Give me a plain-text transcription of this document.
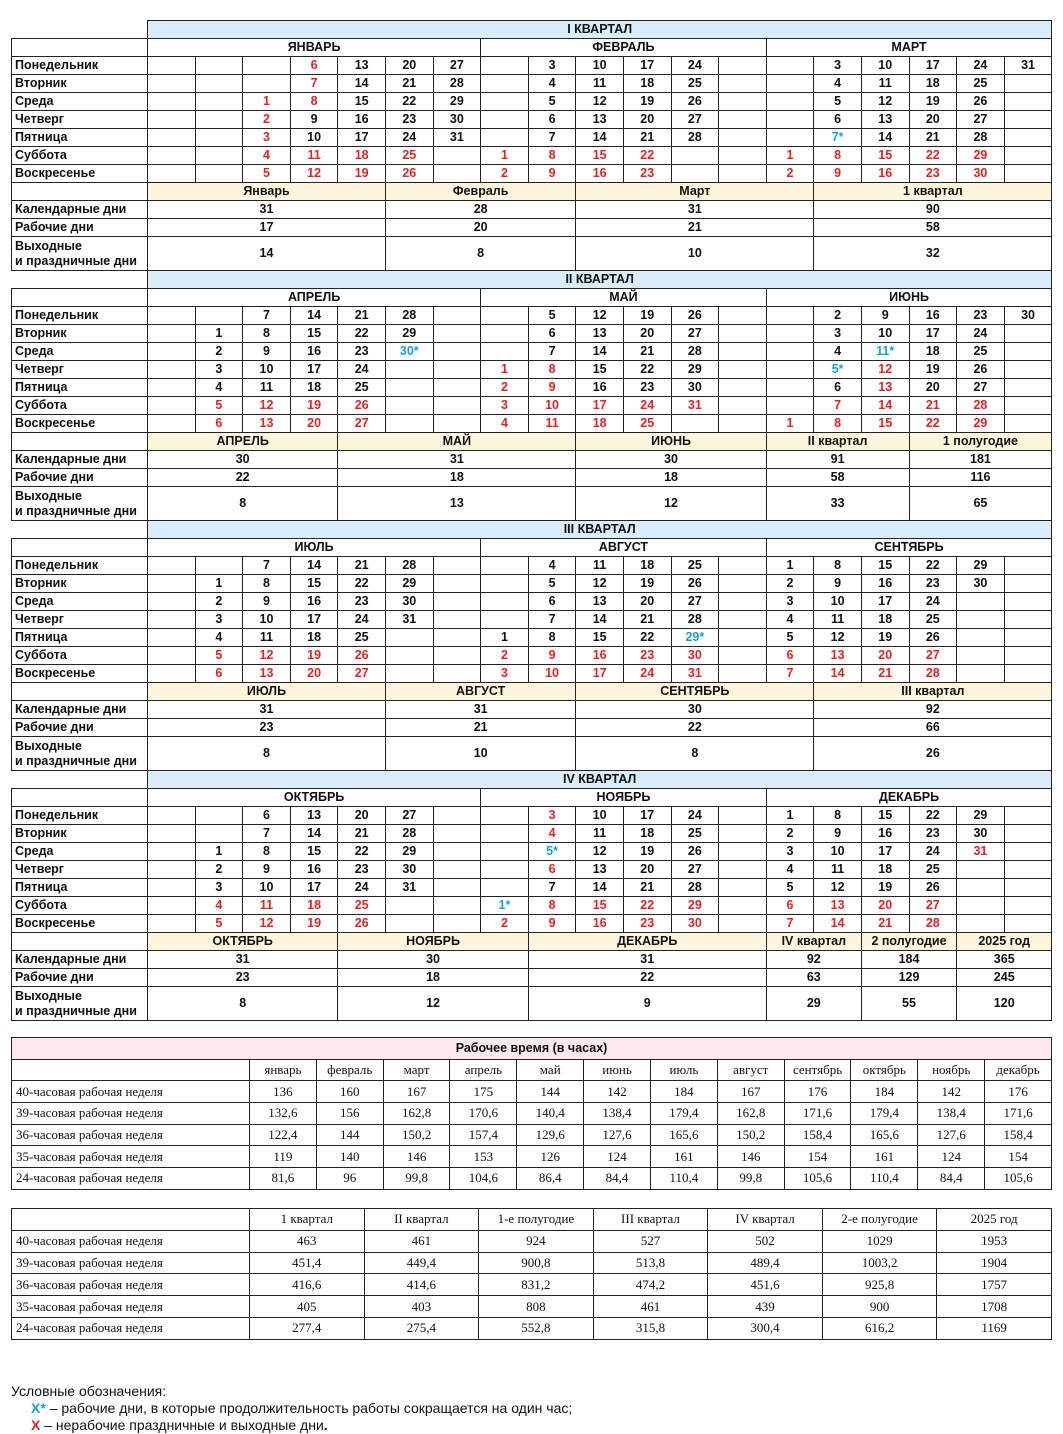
	I КВАРТАЛ																		
	ЯНВАРЬ							ФЕВРАЛЬ						МАРТ					
Понедельник				6	13	20	27		3	10	17	24			3	10	17	24	31
Вторник				7	14	21	28		4	11	18	25			4	11	18	25	
Среда			1	8	15	22	29		5	12	19	26			5	12	19	26	
Четверг			2	9	16	23	30		6	13	20	27			6	13	20	27	
Пятница			3	10	17	24	31		7	14	21	28			7*	14	21	28	
Суббота			4	11	18	25		1	8	15	22			1	8	15	22	29	
Воскресенье			5	12	19	26		2	9	16	23			2	9	16	23	30	
	Январь					Февраль				Март					1 квартал				
Календарные дни	31					28				31					90				
Рабочие дни	17					20				21					58				

Выходные
и праздничные дни	14					8				10					32				
	II КВАРТАЛ																		
	АПРЕЛЬ							МАЙ						ИЮНЬ					
Понедельник			7	14	21	28			5	12	19	26			2	9	16	23	30
Вторник		1	8	15	22	29			6	13	20	27			3	10	17	24	
Среда		2	9	16	23	30*			7	14	21	28			4	11*	18	25	
Четверг		3	10	17	24			1	8	15	22	29			5*	12	19	26	
Пятница		4	11	18	25			2	9	16	23	30			6	13	20	27	
Суббота		5	12	19	26			3	10	17	24	31			7	14	21	28	
Воскресенье		6	13	20	27			4	11	18	25			1	8	15	22	29	
	АПРЕЛЬ				МАЙ					ИЮНЬ				II квартал			1 полугодие		
Календарные дни	30				31					30				91			181		
Рабочие дни	22				18					18				58			116		

Выходные
и праздничные дни	8				13					12				33			65		
	III КВАРТАЛ																		
	ИЮЛЬ							АВГУСТ						СЕНТЯБРЬ					
Понедельник			7	14	21	28			4	11	18	25		1	8	15	22	29	
Вторник		1	8	15	22	29			5	12	19	26		2	9	16	23	30	
Среда		2	9	16	23	30			6	13	20	27		3	10	17	24		
Четверг		3	10	17	24	31			7	14	21	28		4	11	18	25		
Пятница		4	11	18	25			1	8	15	22	29*		5	12	19	26		
Суббота		5	12	19	26			2	9	16	23	30		6	13	20	27		
Воскресенье		6	13	20	27			3	10	17	24	31		7	14	21	28		
	ИЮЛЬ					АВГУСТ				СЕНТЯБРЬ					III квартал				
Календарные дни	31					31				30					92				
Рабочие дни	23					21				22					66				

Выходные
и праздничные дни	8					10				8					26				
	IV КВАРТАЛ																		
	ОКТЯБРЬ							НОЯБРЬ						ДЕКАБРЬ					
Понедельник			6	13	20	27			3	10	17	24		1	8	15	22	29	
Вторник			7	14	21	28			4	11	18	25		2	9	16	23	30	
Среда		1	8	15	22	29			5*	12	19	26		3	10	17	24	31	
Четверг		2	9	16	23	30			6	13	20	27		4	11	18	25		
Пятница		3	10	17	24	31			7	14	21	28		5	12	19	26		
Суббота		4	11	18	25			1*	8	15	22	29		6	13	20	27		
Воскресенье		5	12	19	26			2	9	16	23	30		7	14	21	28		
	ОКТЯБРЬ				НОЯБРЬ				ДЕКАБРЬ					IV квартал		2 полугодие		2025 год	
Календарные дни	31				30				31					92		184		365	
Рабочие дни	23				18				22					63		129		245	

Выходные
и праздничные дни	8				12				9					29		55		120	
Рабочее время (в часах)												
	январь	февраль	март	апрель	май	июнь	июль	август	сентябрь	октябрь	ноябрь	декабрь
40-часовая рабочая неделя	136	160	167	175	144	142	184	167	176	184	142	176
39-часовая рабочая неделя	132,6	156	162,8	170,6	140,4	138,4	179,4	162,8	171,6	179,4	138,4	171,6
36-часовая рабочая неделя	122,4	144	150,2	157,4	129,6	127,6	165,6	150,2	158,4	165,6	127,6	158,4
35-часовая рабочая неделя	119	140	146	153	126	124	161	146	154	161	124	154
24-часовая рабочая неделя	81,6	96	99,8	104,6	86,4	84,4	110,4	99,8	105,6	110,4	84,4	105,6
	1 квартал	II квартал	1-е полугодие	III квартал	IV квартал	2-е полугодие	2025 год
40-часовая рабочая неделя	463	461	924	527	502	1029	1953
39-часовая рабочая неделя	451,4	449,4	900,8	513,8	489,4	1003,2	1904
36-часовая рабочая неделя	416,6	414,6	831,2	474,2	451,6	925,8	1757
35-часовая рабочая неделя	405	403	808	461	439	900	1708
24-часовая рабочая неделя	277,4	275,4	552,8	315,8	300,4	616,2	1169
Условные обозначения:
X* – рабочие дни, в которые продолжительность работы сокращается на один час;
X – нерабочие праздничные и выходные дни.
